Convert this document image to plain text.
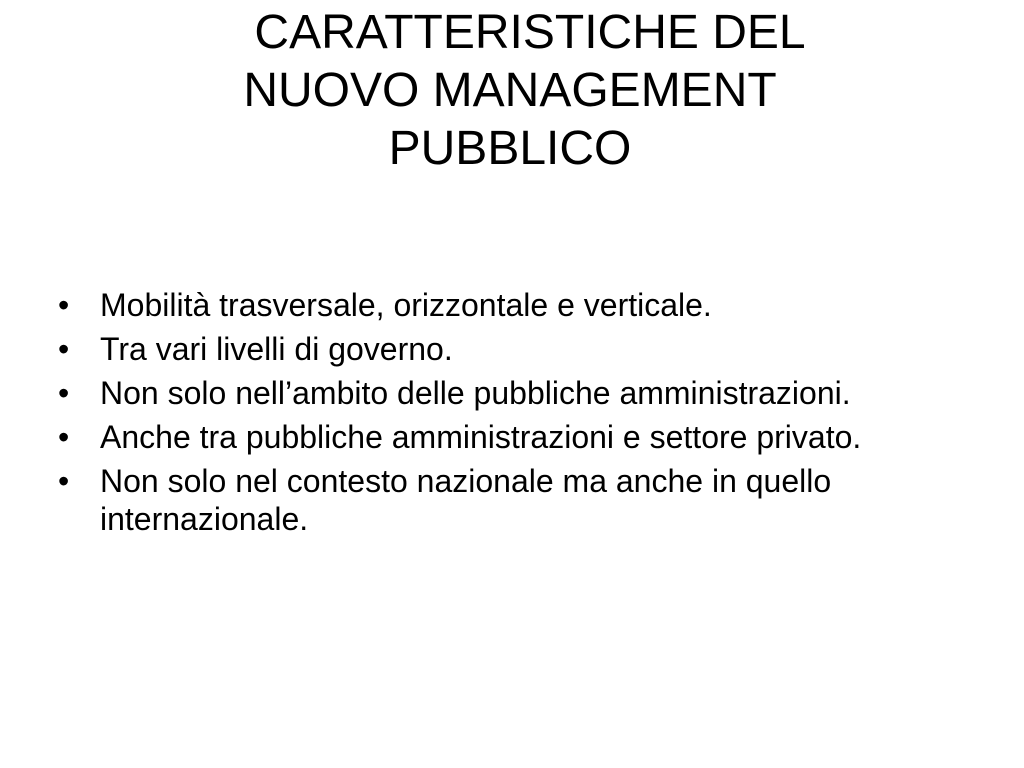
CARATTERISTICHE DEL
NUOVO MANAGEMENT
PUBBLICO
• Mobilità trasversale, orizzontale e verticale.
• Tra vari livelli di governo.
• Non solo nell’ambito delle pubbliche amministrazioni.
• Anche tra pubbliche amministrazioni e settore privato.
• Non solo nel contesto nazionale ma anche in quello internazionale.
